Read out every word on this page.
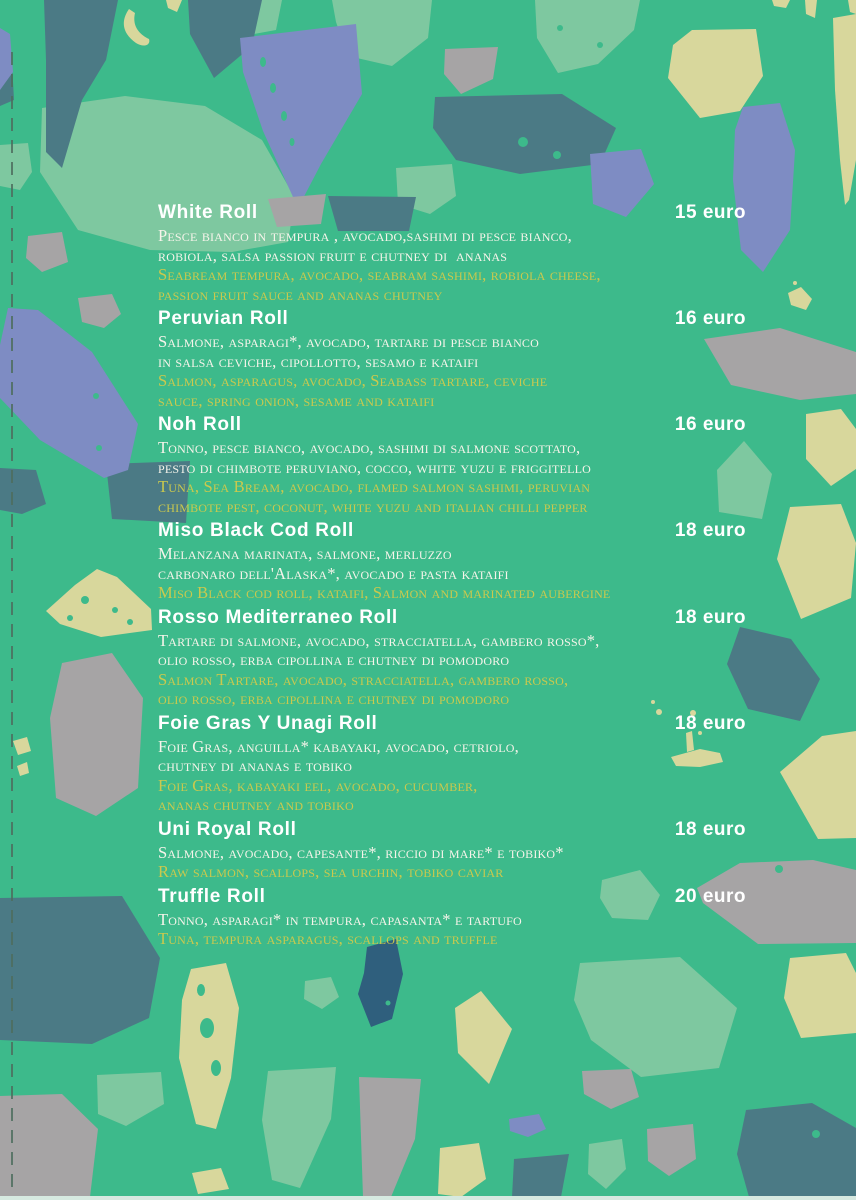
White Roll	15 euro

Pesce bianco in tempura , avocado,sashimi di pesce bianco,

robiola, salsa passion fruit e chutney di  ananas

Seabream tempura, avocado, seabram sashimi, robiola cheese,

passion fruit sauce and ananas chutney

Peruvian Roll	16 euro

Salmone, asparagi*, avocado, tartare di pesce bianco

in salsa ceviche, cipollotto, sesamo e kataifi

Salmon, asparagus, avocado, Seabass tartare, ceviche

sauce, spring onion, sesame and kataifi

Noh Roll	16 euro

Tonno, pesce bianco, avocado, sashimi di salmone scottato,

pesto di chimbote peruviano, cocco, white yuzu e friggitello

Tuna, Sea Bream, avocado, flamed salmon sashimi, peruvian

chimbote pest, coconut, white yuzu and italian chilli pepper

Miso Black Cod Roll	18 euro

Melanzana marinata, salmone, merluzzo

carbonaro dell'Alaska*, avocado e pasta kataifi

Miso Black cod roll, kataifi, Salmon and marinated aubergine

Rosso Mediterraneo Roll	18 euro

Tartare di salmone, avocado, stracciatella, gambero rosso*,

olio rosso, erba cipollina e chutney di pomodoro

Salmon Tartare, avocado, stracciatella, gambero rosso,

olio rosso, erba cipollina e chutney di pomodoro

Foie Gras Y Unagi Roll	18 euro

Foie Gras, anguilla* kabayaki, avocado, cetriolo,

chutney di ananas e tobiko

Foie Gras, kabayaki eel, avocado, cucumber,

ananas chutney and tobiko

Uni Royal Roll	18 euro

Salmone, avocado, capesante*, riccio di mare* e tobiko*

Raw salmon, scallops, sea urchin, tobiko caviar

Truffle Roll	20 euro

Tonno, asparagi* in tempura, capasanta* e tartufo

Tuna, tempura asparagus, scallops and truffle
